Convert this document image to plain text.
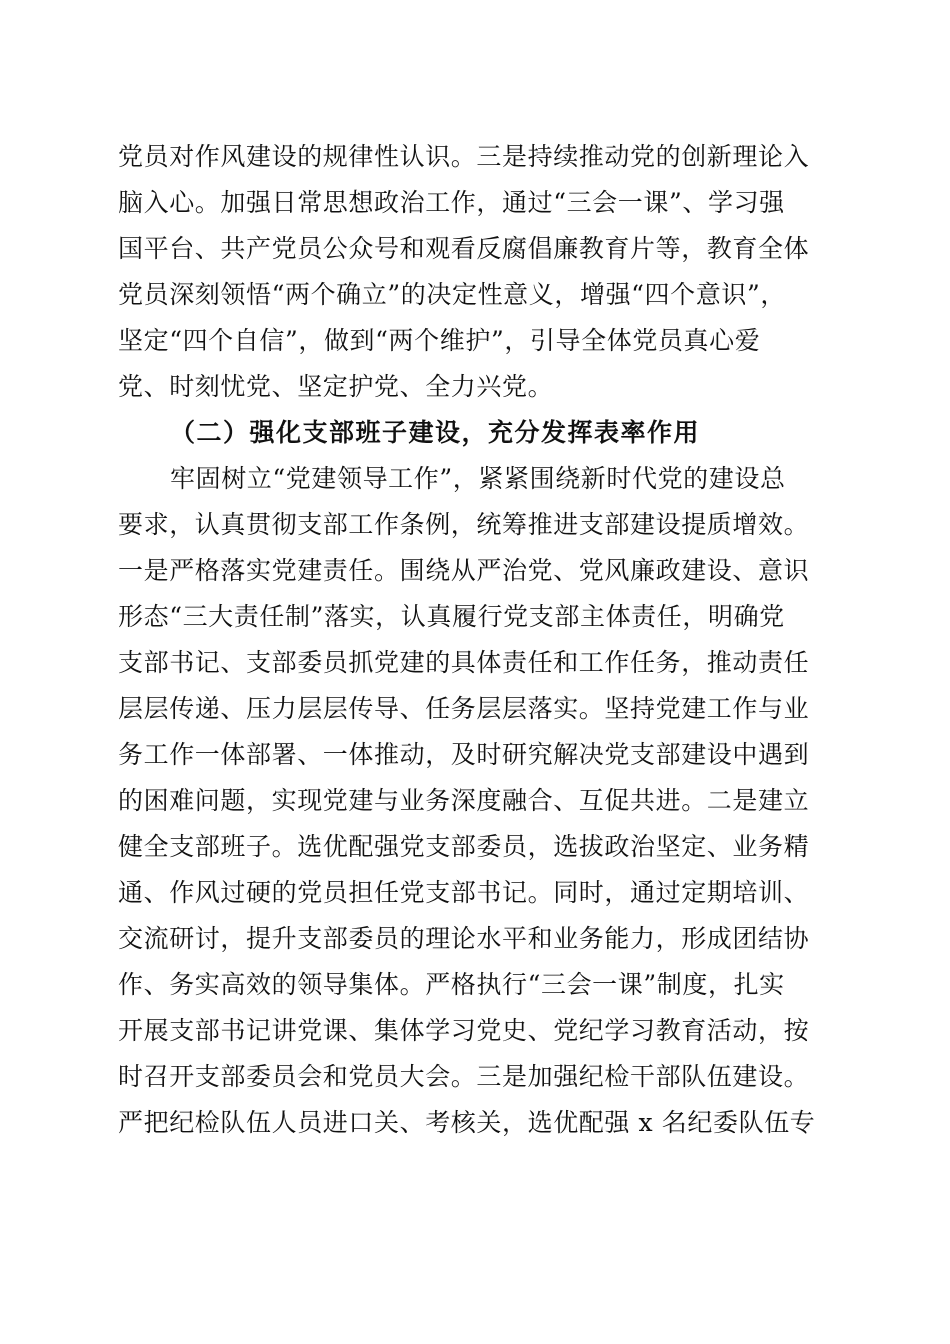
党员对作风建设的规律性认识。三是持续推动党的创新理论入
脑入心。加强日常思想政治工作，通过“三会一课”、学习强
国平台、共产党员公众号和观看反腐倡廉教育片等，教育全体
党员深刻领悟“两个确立”的决定性意义，增强“四个意识”，
坚定“四个自信”，做到“两个维护”，引导全体党员真心爱
党、时刻忧党、坚定护党、全力兴党。
（二）强化支部班子建设，充分发挥表率作用
牢固树立“党建领导工作”，紧紧围绕新时代党的建设总
要求，认真贯彻支部工作条例，统筹推进支部建设提质增效。
一是严格落实党建责任。围绕从严治党、党风廉政建设、意识
形态“三大责任制”落实，认真履行党支部主体责任，明确党
支部书记、支部委员抓党建的具体责任和工作任务，推动责任
层层传递、压力层层传导、任务层层落实。坚持党建工作与业
务工作一体部署、一体推动，及时研究解决党支部建设中遇到
的困难问题，实现党建与业务深度融合、互促共进。二是建立
健全支部班子。选优配强党支部委员，选拔政治坚定、业务精
通、作风过硬的党员担任党支部书记。同时，通过定期培训、
交流研讨，提升支部委员的理论水平和业务能力，形成团结协
作、务实高效的领导集体。严格执行“三会一课”制度，扎实
开展支部书记讲党课、集体学习党史、党纪学习教育活动，按
时召开支部委员会和党员大会。三是加强纪检干部队伍建设。
严把纪检队伍人员进口关、考核关，选优配强 x 名纪委队伍专
